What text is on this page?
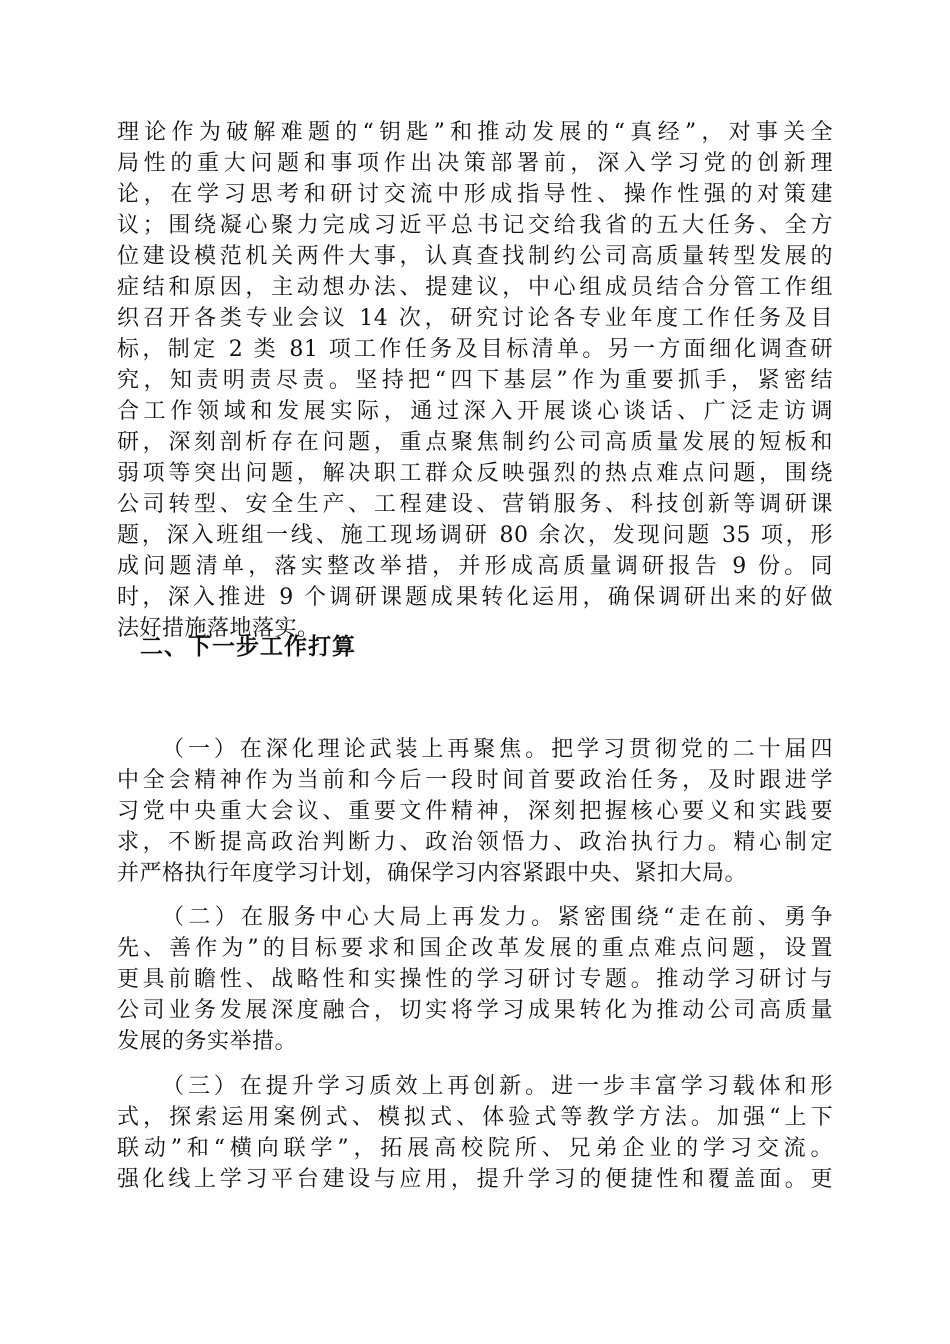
理论作为破解难题的“钥匙”和推动发展的“真经”，对事关全
局性的重大问题和事项作出决策部署前，深入学习党的创新理
论，在学习思考和研讨交流中形成指导性、操作性强的对策建
议；围绕凝心聚力完成习近平总书记交给我省的五大任务、全方
位建设模范机关两件大事，认真查找制约公司高质量转型发展的
症结和原因，主动想办法、提建议，中心组成员结合分管工作组
织召开各类专业会议 14 次，研究讨论各专业年度工作任务及目
标，制定 2 类 81 项工作任务及目标清单。另一方面细化调查研
究，知责明责尽责。坚持把“四下基层”作为重要抓手，紧密结
合工作领域和发展实际，通过深入开展谈心谈话、广泛走访调
研，深刻剖析存在问题，重点聚焦制约公司高质量发展的短板和
弱项等突出问题，解决职工群众反映强烈的热点难点问题，围绕
公司转型、安全生产、工程建设、营销服务、科技创新等调研课
题，深入班组一线、施工现场调研 80 余次，发现问题 35 项，形
成问题清单，落实整改举措，并形成高质量调研报告 9 份。同
时，深入推进 9 个调研课题成果转化运用，确保调研出来的好做
法好措施落地落实。
二、下一步工作打算
（一）在深化理论武装上再聚焦。把学习贯彻党的二十届四
中全会精神作为当前和今后一段时间首要政治任务，及时跟进学
习党中央重大会议、重要文件精神，深刻把握核心要义和实践要
求，不断提高政治判断力、政治领悟力、政治执行力。精心制定
并严格执行年度学习计划，确保学习内容紧跟中央、紧扣大局。
（二）在服务中心大局上再发力。紧密围绕“走在前、勇争
先、善作为”的目标要求和国企改革发展的重点难点问题，设置
更具前瞻性、战略性和实操性的学习研讨专题。推动学习研讨与
公司业务发展深度融合，切实将学习成果转化为推动公司高质量
发展的务实举措。
（三）在提升学习质效上再创新。进一步丰富学习载体和形
式，探索运用案例式、模拟式、体验式等教学方法。加强“上下
联动”和“横向联学”，拓展高校院所、兄弟企业的学习交流。
强化线上学习平台建设与应用，提升学习的便捷性和覆盖面。更
